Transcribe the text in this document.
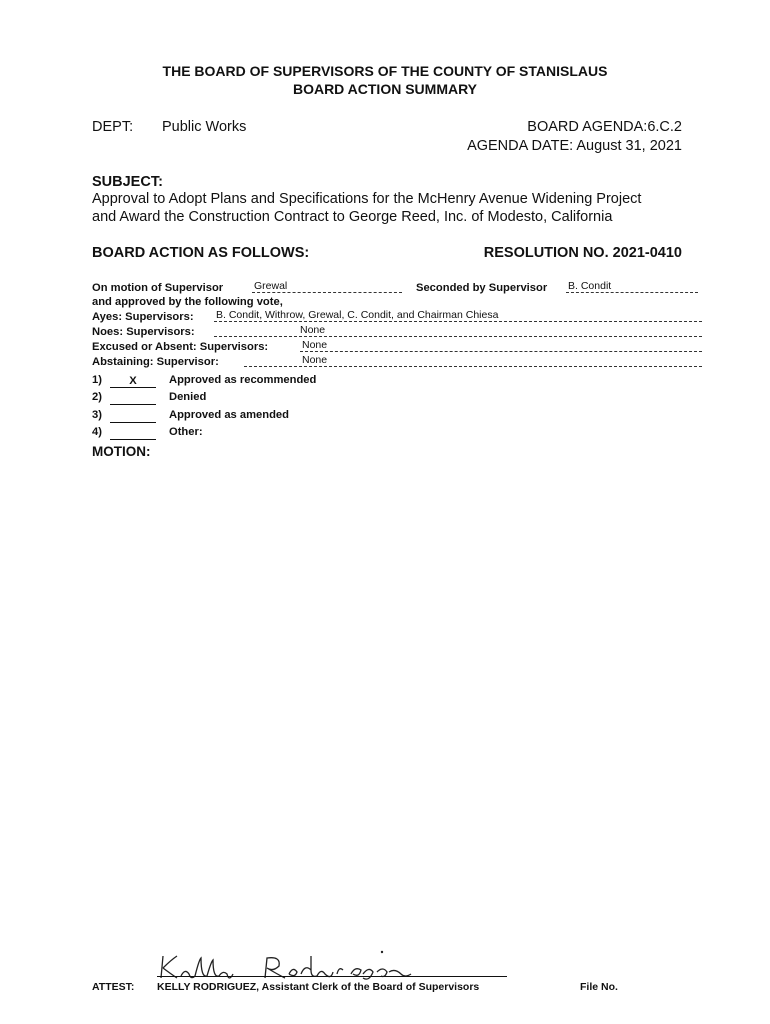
THE BOARD OF SUPERVISORS OF THE COUNTY OF STANISLAUS
BOARD ACTION SUMMARY
DEPT: Public Works	BOARD AGENDA:6.C.2
AGENDA DATE: August 31, 2021
SUBJECT:
Approval to Adopt Plans and Specifications for the McHenry Avenue Widening Project
and Award the Construction Contract to George Reed, Inc. of Modesto, California
BOARD ACTION AS FOLLOWS:	RESOLUTION NO. 2021-0410
On motion of Supervisor	Grewal	Seconded by Supervisor B. Condit
and approved by the following vote,
Ayes: Supervisors: B. Condit, Withrow, Grewal, C. Condit, and Chairman Chiesa
Noes: Supervisors:	None
Excused or Absent: Supervisors:	None
Abstaining: Supervisor:	None
1)	X	Approved as recommended
2)	Denied
3)	Approved as amended
4)	Other:
MOTION:
ATTEST: KELLY RODRIGUEZ, Assistant Clerk of the Board of Supervisors	File No.
